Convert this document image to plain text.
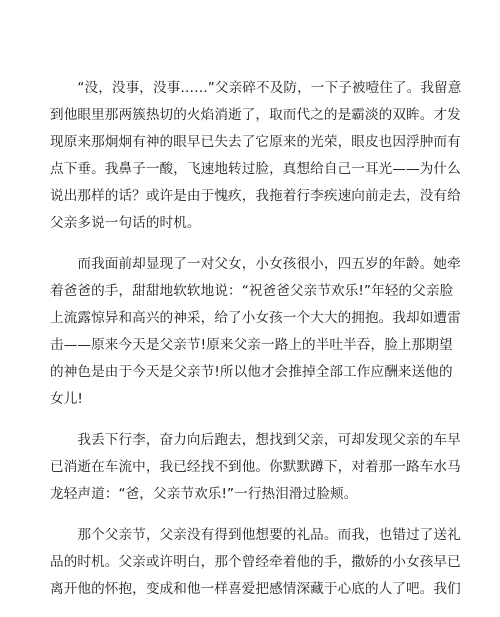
　　“没，没事，没事……”父亲碎不及防，一下子被噎住了。我留意
到他眼里那两簇热切的火焰消逝了，取而代之的是霸淡的双眸。才发
现原来那炯炯有神的眼早已失去了它原来的光荣，眼皮也因浮肿而有
点下垂。我鼻子一酸，飞速地转过脸，真想给自己一耳光——为什么
说出那样的话？或许是由于愧疚，我拖着行李疾速向前走去，没有给
父亲多说一句话的时机。
　　而我面前却显现了一对父女，小女孩很小，四五岁的年龄。她牵
着爸爸的手，甜甜地软软地说：“祝爸爸父亲节欢乐!”年轻的父亲脸
上流露惊异和高兴的神采，给了小女孩一个大大的拥抱。我却如遭雷
击——原来今天是父亲节!原来父亲一路上的半吐半吞，脸上那期望
的神色是由于今天是父亲节!所以他才会推掉全部工作应酬来送他的
女儿!
　　我丢下行李，奋力向后跑去，想找到父亲，可却发现父亲的车早
已消逝在车流中，我已经找不到他。你默默蹲下，对着那一路车水马
龙轻声道：“爸，父亲节欢乐!”一行热泪滑过脸颊。
　　那个父亲节，父亲没有得到他想要的礼品。而我，也错过了送礼
品的时机。父亲或许明白，那个曾经牵着他的手，撒娇的小女孩早已
离开他的怀抱，变成和他一样喜爱把感情深藏于心底的人了吧。我们
